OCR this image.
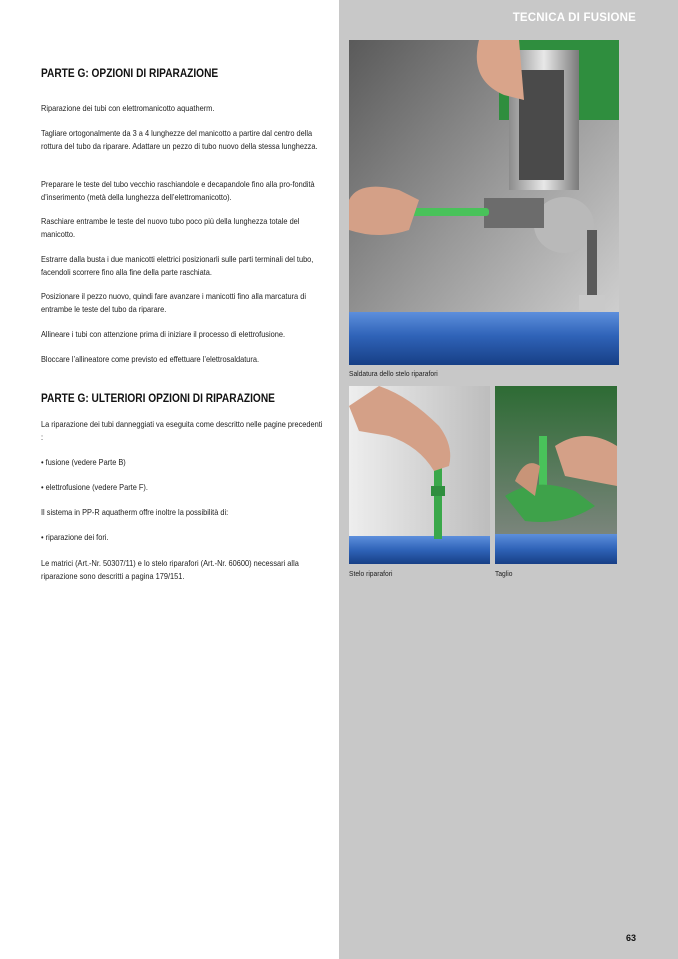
TECNICA DI FUSIONE
63
PARTE G: OPZIONI DI RIPARAZIONE

Riparazione dei tubi con elettromanicotto aquatherm.

Tagliare ortogonalmente da 3 a 4 lunghezze del manicotto a partire dal centro della rottura del tubo da riparare. Adattare un pezzo di tubo nuovo della stessa lunghezza.

Preparare le teste del tubo vecchio raschiandole e decapandole fino alla pro-fondità d’inserimento (metà della lunghezza dell’elettromanicotto).

Raschiare entrambe le teste del nuovo tubo poco più della lunghezza totale del manicotto.

Estrarre dalla busta i due manicotti elettrici posizionarli sulle parti terminali del tubo, facendoli scorrere fino alla fine della parte raschiata.

Posizionare il pezzo nuovo, quindi fare avanzare i manicotti fino alla marcatura di entrambe le teste del tubo da riparare.

Allineare i tubi con attenzione prima di iniziare il processo di elettrofusione.

Bloccare l’allineatore come previsto ed effettuare l’elettrosaldatura.

PARTE G: ULTERIORI OPZIONI DI RIPARAZIONE

La riparazione dei tubi danneggiati va eseguita come descritto nelle pagine precedenti :

• fusione (vedere Parte B)

• elettrofusione (vedere Parte F).

Il sistema in PP-R aquatherm offre inoltre la possibilità di:

• riparazione dei fori.

Le matrici (Art.-Nr. 50307/11) e lo stelo riparafori (Art.-Nr. 60600) necessari alla riparazione sono descritti a pagina 179/151.

Saldatura dello stelo riparafori
Stelo riparafori	Taglio
